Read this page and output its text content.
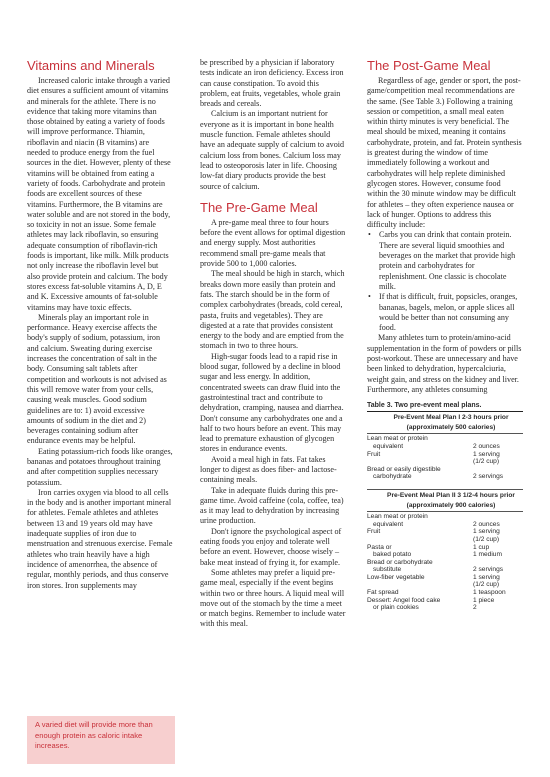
Vitamins and Minerals

Increased caloric intake through a varied diet ensures a sufficient amount of vitamins and minerals for the athlete. There is no evidence that taking more vitamins than those obtained by eating a variety of foods will improve performance. Thiamin, riboflavin and niacin (B vitamins) are needed to produce energy from the fuel sources in the diet. However, plenty of these vitamins will be obtained from eating a variety of foods. Carbohydrate and protein foods are excellent sources of these vitamins. Furthermore, the B vitamins are water soluble and are not stored in the body, so toxicity in not an issue. Some female athletes may lack riboflavin, so ensuring adequate consumption of riboflavin-rich foods is important, like milk. Milk products not only increase the riboflavin level but also provide protein and calcium. The body stores excess fat-soluble vitamins A, D, E and K. Excessive amounts of fat-soluble vitamins may have toxic effects.

Minerals play an important role in performance. Heavy exercise affects the body's supply of sodium, potassium, iron and calcium. Sweating during exercise increases the concentration of salt in the body. Consuming salt tablets after competition and workouts is not advised as this will remove water from your cells, causing weak muscles. Good sodium guidelines are to: 1) avoid excessive amounts of sodium in the diet and 2) beverages containing sodium after endurance events may be helpful.

Eating potassium-rich foods like oranges, bananas and potatoes throughout training and after competition supplies necessary potassium.

Iron carries oxygen via blood to all cells in the body and is another important mineral for athletes. Female athletes and athletes between 13 and 19 years old may have inadequate supplies of iron due to menstruation and strenuous exercise. Female athletes who train heavily have a high incidence of amenorrhea, the absence of regular, monthly periods, and thus conserve iron stores. Iron supplements may

A varied diet will provide more than enough protein as caloric intake increases.

be prescribed by a physician if laboratory tests indicate an iron deficiency. Excess iron can cause constipation. To avoid this problem, eat fruits, vegetables, whole grain breads and cereals.

Calcium is an important nutrient for everyone as it is important in bone health muscle function. Female athletes should have an adequate supply of calcium to avoid calcium loss from bones. Calcium loss may lead to osteoporosis later in life. Choosing low-fat diary products provide the best source of calcium.

The Pre-Game Meal

A pre-game meal three to four hours before the event allows for optimal digestion and energy supply. Most authorities recommend small pre-game meals that provide 500 to 1,000 calories.

The meal should be high in starch, which breaks down more easily than protein and fats. The starch should be in the form of complex carbohydrates (breads, cold cereal, pasta, fruits and vegetables). They are digested at a rate that provides consistent energy to the body and are emptied from the stomach in two to three hours.

High-sugar foods lead to a rapid rise in blood sugar, followed by a decline in blood sugar and less energy. In addition, concentrated sweets can draw fluid into the gastrointestinal tract and contribute to dehydration, cramping, nausea and diarrhea. Don't consume any carbohydrates one and a half to two hours before an event. This may lead to premature exhaustion of glycogen stores in endurance events.

Avoid a meal high in fats. Fat takes longer to digest as does fiber- and lactose-containing meals.

Take in adequate fluids during this pre-game time. Avoid caffeine (cola, coffee, tea) as it may lead to dehydration by increasing urine production.

Don't ignore the psychological aspect of eating foods you enjoy and tolerate well before an event. However, choose wisely – bake meat instead of frying it, for example.

Some athletes may prefer a liquid pre-game meal, especially if the event begins within two or three hours. A liquid meal will move out of the stomach by the time a meet or match begins. Remember to include water with this meal.

The Post-Game Meal

Regardless of age, gender or sport, the post-game/competition meal recommendations are the same. (See Table 3.) Following a training session or competition, a small meal eaten within thirty minutes is very beneficial. The meal should be mixed, meaning it contains carbohydrate, protein, and fat. Protein synthesis is greatest during the window of time immediately following a workout and carbohydrates will help replete diminished glycogen stores. However, consume food within the 30 minute window may be difficult for athletes – they often experience nausea or lack of hunger. Options to address this difficulty include:

• Carbs you can drink that contain protein. There are several liquid smoothies and beverages on the market that provide high protein and carbohydrates for replenishment. One classic is chocolate milk.
• If that is difficult, fruit, popsicles, oranges, bananas, bagels, melon, or apple slices all would be better than not consuming any food.

Many athletes turn to protein/amino-acid supplementation in the form of powders or pills post-workout. These are unnecessary and have been linked to dehydration, hypercalciuria, weight gain, and stress on the kidney and liver. Furthermore, any athletes consuming

Table 3. Two pre-event meal plans.
Pre-Event Meal Plan I 2-3 hours prior
(approximately 500 calories)
Lean meat or protein
equivalent	2 ounces
Fruit	1 serving
(1/2 cup)
Bread or easily digestible
carbohydrate	2 servings
Pre-Event Meal Plan II 3 1/2-4 hours prior
(approximately 900 calories)
Lean meat or protein
equivalent	2 ounces
Fruit	1 serving
(1/2 cup)
Pasta or	1 cup
baked potato	1 medium
Bread or carbohydrate
substitute	2 servings
Low-fiber vegetable	1 serving
(1/2 cup)
Fat spread	1 teaspoon
Dessert: Angel food cake	1 piece
or plain cookies	2
